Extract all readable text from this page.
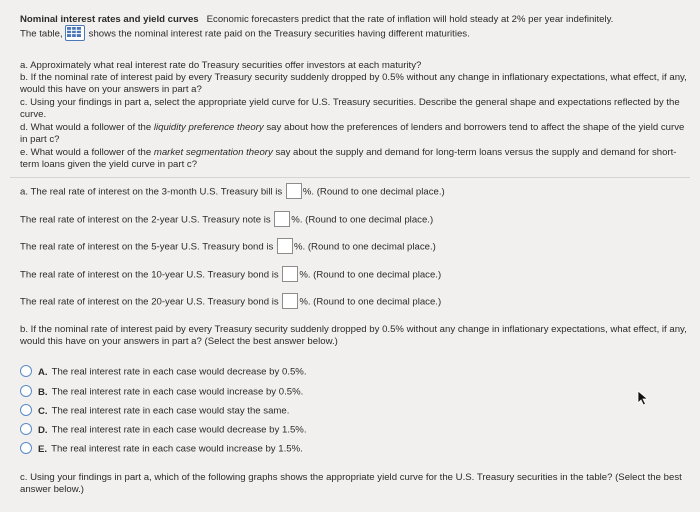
Nominal interest rates and yield curves Economic forecasters predict that the rate of inflation will hold steady at 2% per year indefinitely.
The table,	shows the nominal interest rate paid on the Treasury securities having different maturities.
a. Approximately what real interest rate do Treasury securities offer investors at each maturity?
b. If the nominal rate of interest paid by every Treasury security suddenly dropped by 0.5% without any change in inflationary expectations, what effect, if any, would this have on your answers in part a?
c. Using your findings in part a, select the appropriate yield curve for U.S. Treasury securities. Describe the general shape and expectations reflected by the curve.
d. What would a follower of the liquidity preference theory say about how the preferences of lenders and borrowers tend to affect the shape of the yield curve in part c?
e. What would a follower of the market segmentation theory say about the supply and demand for long-term loans versus the supply and demand for short-term loans given the yield curve in part c?
a. The real rate of interest on the 3-month U.S. Treasury bill is %. (Round to one decimal place.)
The real rate of interest on the 2-year U.S. Treasury note is %. (Round to one decimal place.)
The real rate of interest on the 5-year U.S. Treasury bond is %. (Round to one decimal place.)
The real rate of interest on the 10-year U.S. Treasury bond is %. (Round to one decimal place.)
The real rate of interest on the 20-year U.S. Treasury bond is %. (Round to one decimal place.)
b. If the nominal rate of interest paid by every Treasury security suddenly dropped by 0.5% without any change in inflationary expectations, what effect, if any, would this have on your answers in part a? (Select the best answer below.)
A. The real interest rate in each case would decrease by 0.5%.
B. The real interest rate in each case would increase by 0.5%.
C. The real interest rate in each case would stay the same.
D. The real interest rate in each case would decrease by 1.5%.
E. The real interest rate in each case would increase by 1.5%.
c. Using your findings in part a, which of the following graphs shows the appropriate yield curve for the U.S. Treasury securities in the table? (Select the best answer below.)
